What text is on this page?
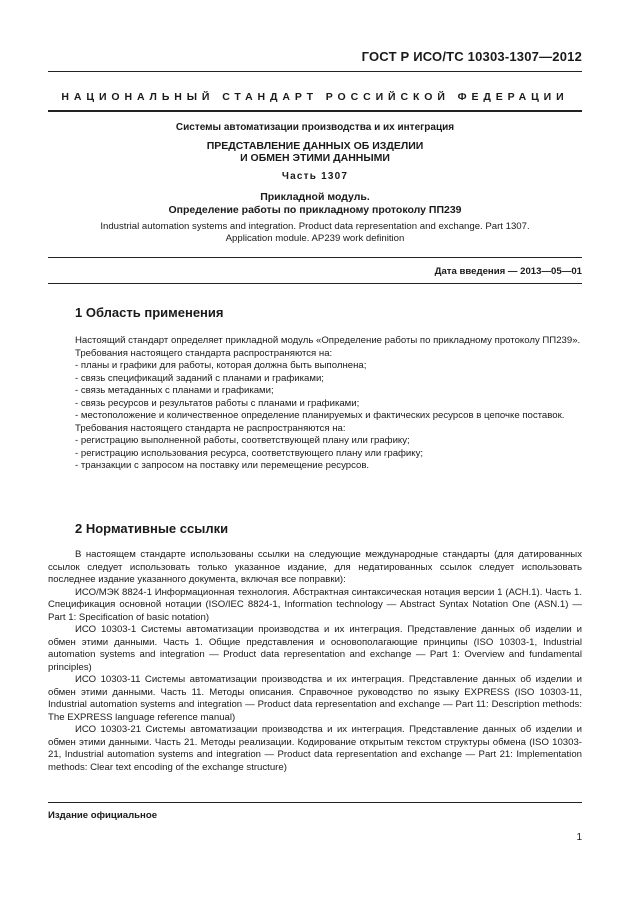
ГОСТ Р ИСО/ТС 10303-1307—2012
НАЦИОНАЛЬНЫЙ СТАНДАРТ РОССИЙСКОЙ ФЕДЕРАЦИИ
Системы автоматизации производства и их интеграция
ПРЕДСТАВЛЕНИЕ ДАННЫХ ОБ ИЗДЕЛИИ
И ОБМЕН ЭТИМИ ДАННЫМИ
Часть 1307
Прикладной модуль.
Определение работы по прикладному протоколу ПП239
Industrial automation systems and integration. Product data representation and exchange. Part 1307.
Application module. AP239 work definition
Дата введения — 2013—05—01
1 Область применения

Настоящий стандарт определяет прикладной модуль «Определение работы по прикладному протоколу ПП239».

Требования настоящего стандарта распространяются на:

- планы и графики для работы, которая должна быть выполнена;

- связь спецификаций заданий с планами и графиками;

- связь метаданных с планами и графиками;

- связь ресурсов и результатов работы с планами и графиками;

- местоположение и количественное определение планируемых и фактических ресурсов в цепочке поставок.

Требования настоящего стандарта не распространяются на:

- регистрацию выполненной работы, соответствующей плану или графику;

- регистрацию использования ресурса, соответствующего плану или графику;

- транзакции с запросом на поставку или перемещение ресурсов.

2 Нормативные ссылки

В настоящем стандарте использованы ссылки на следующие международные стандарты (для датированных ссылок следует использовать только указанное издание, для недатированных ссылок следует использовать последнее издание указанного документа, включая все поправки):

ИСО/МЭК 8824-1 Информационная технология. Абстрактная синтаксическая нотация версии 1 (АСН.1). Часть 1. Спецификация основной нотации (ISO/IEC 8824-1, Information technology — Abstract Syntax Notation One (ASN.1) — Part 1: Specification of basic notation)

ИСО 10303-1 Системы автоматизации производства и их интеграция. Представление данных об изделии и обмен этими данными. Часть 1. Общие представления и основополагающие принципы (ISO 10303-1, Industrial automation systems and integration — Product data representation and exchange — Part 1: Overview and fundamental principles)

ИСО 10303-11 Системы автоматизации производства и их интеграция. Представление данных об изделии и обмен этими данными. Часть 11. Методы описания. Справочное руководство по языку EXPRESS (ISO 10303-11, Industrial automation systems and integration — Product data representation and exchange — Part 11: Description methods: The EXPRESS language reference manual)

ИСО 10303-21 Системы автоматизации производства и их интеграция. Представление данных об изделии и обмен этими данными. Часть 21. Методы реализации. Кодирование открытым текстом структуры обмена (ISO 10303-21, Industrial automation systems and integration — Product data representation and exchange — Part 21: Implementation methods: Clear text encoding of the exchange structure)

Издание официальное
1
